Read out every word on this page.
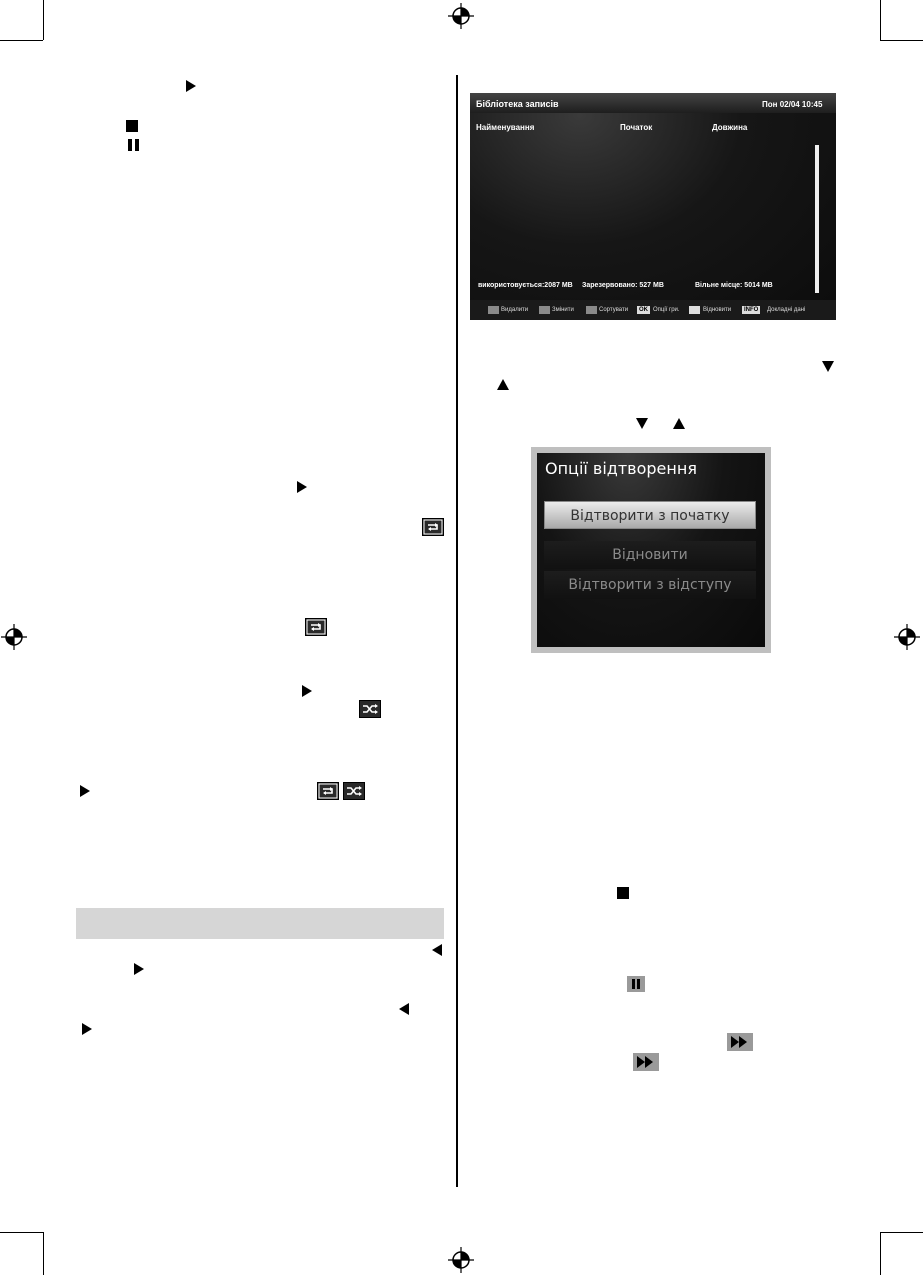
Бібліотека записів	Пон 02/04 10:45
Найменування	Початок	Довжина
використовується:2087 MB Зарезервовано: 527 MB	Вільне місце: 5014 MB
Видалити	Змінити	Сортувати	OK Опції гри.	Відновити	INFO	Докладні дані
Опції відтворення
Відтворити з початку
Відновити
Відтворити з відступу
